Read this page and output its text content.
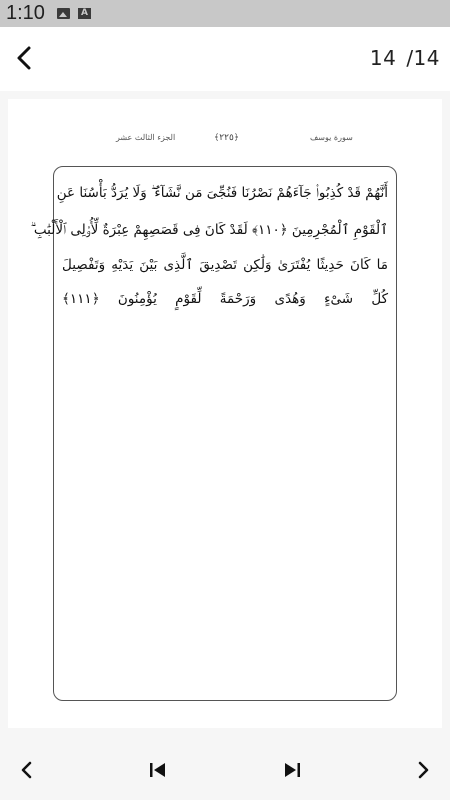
1:10	A
14 /14
سورة يوسف
﴿٢٢٥﴾
الجزء الثالث عشر
أَنَّهُمْ قَدْ كُذِبُوا۟ جَآءَهُمْ نَصْرُنَا فَنُجِّىَ مَن نَّشَآءُ ۖ وَلَا يُرَدُّ بَأْسُنَا عَنِ
ٱلْقَوْمِ ٱلْمُجْرِمِينَ ﴿١١٠﴾ لَقَدْ كَانَ فِى قَصَصِهِمْ عِبْرَةٌ لِّأُو۟لِى ٱلْأَلْبَٰبِ ۗ
مَا كَانَ حَدِيثًا يُفْتَرَىٰ وَلَٰكِن تَصْدِيقَ ٱلَّذِى بَيْنَ يَدَيْهِ وَتَفْصِيلَ
كُلِّ شَىْءٍ وَهُدًى وَرَحْمَةً لِّقَوْمٍ يُؤْمِنُونَ ﴿١١١﴾
